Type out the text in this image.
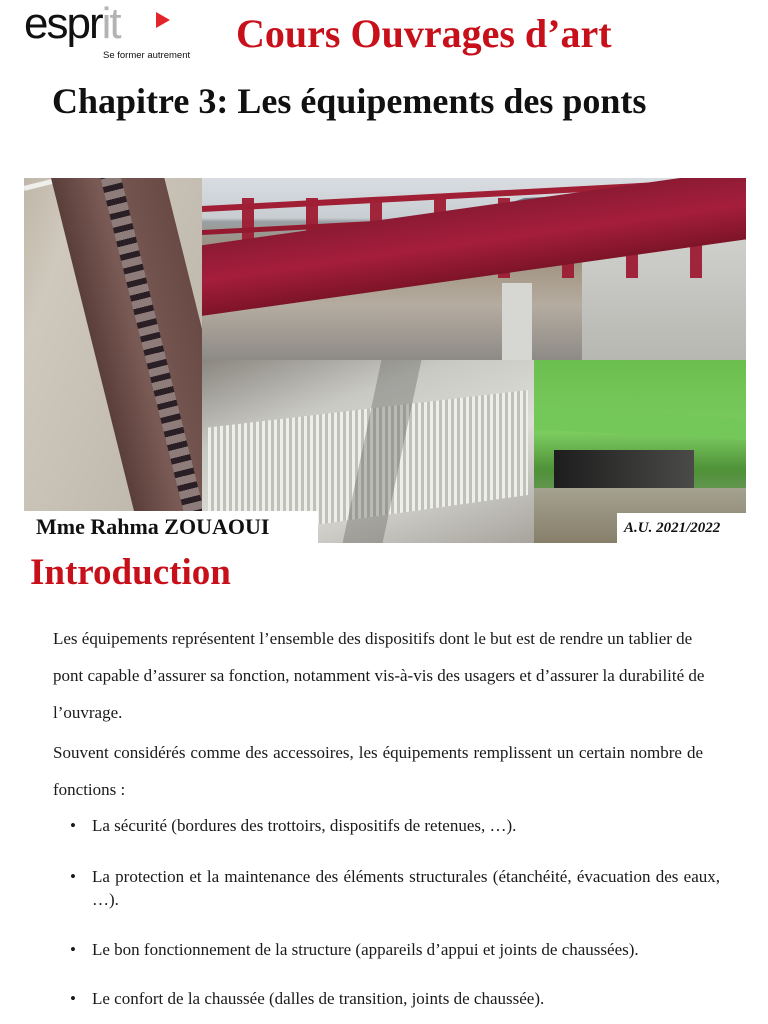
esprit
Se former autrement Cours Ouvrages d’art
Chapitre 3: Les équipements des ponts
Mme Rahma ZOUAOUI	A.U. 2021/2022
Introduction

Les équipements représentent l’ensemble des dispositifs dont le but est de rendre un tablier de pont capable d’assurer sa fonction, notamment vis-à-vis des usagers et d’assurer la durabilité de l’ouvrage.

Souvent considérés comme des accessoires, les équipements remplissent un certain nombre de fonctions :

• La sécurité (bordures des trottoirs, dispositifs de retenues, …).
• La protection et la maintenance des éléments structurales (étanchéité, évacuation des eaux, …).
• Le bon fonctionnement de la structure (appareils d’appui et joints de chaussées).
• Le confort de la chaussée (dalles de transition, joints de chaussée).
